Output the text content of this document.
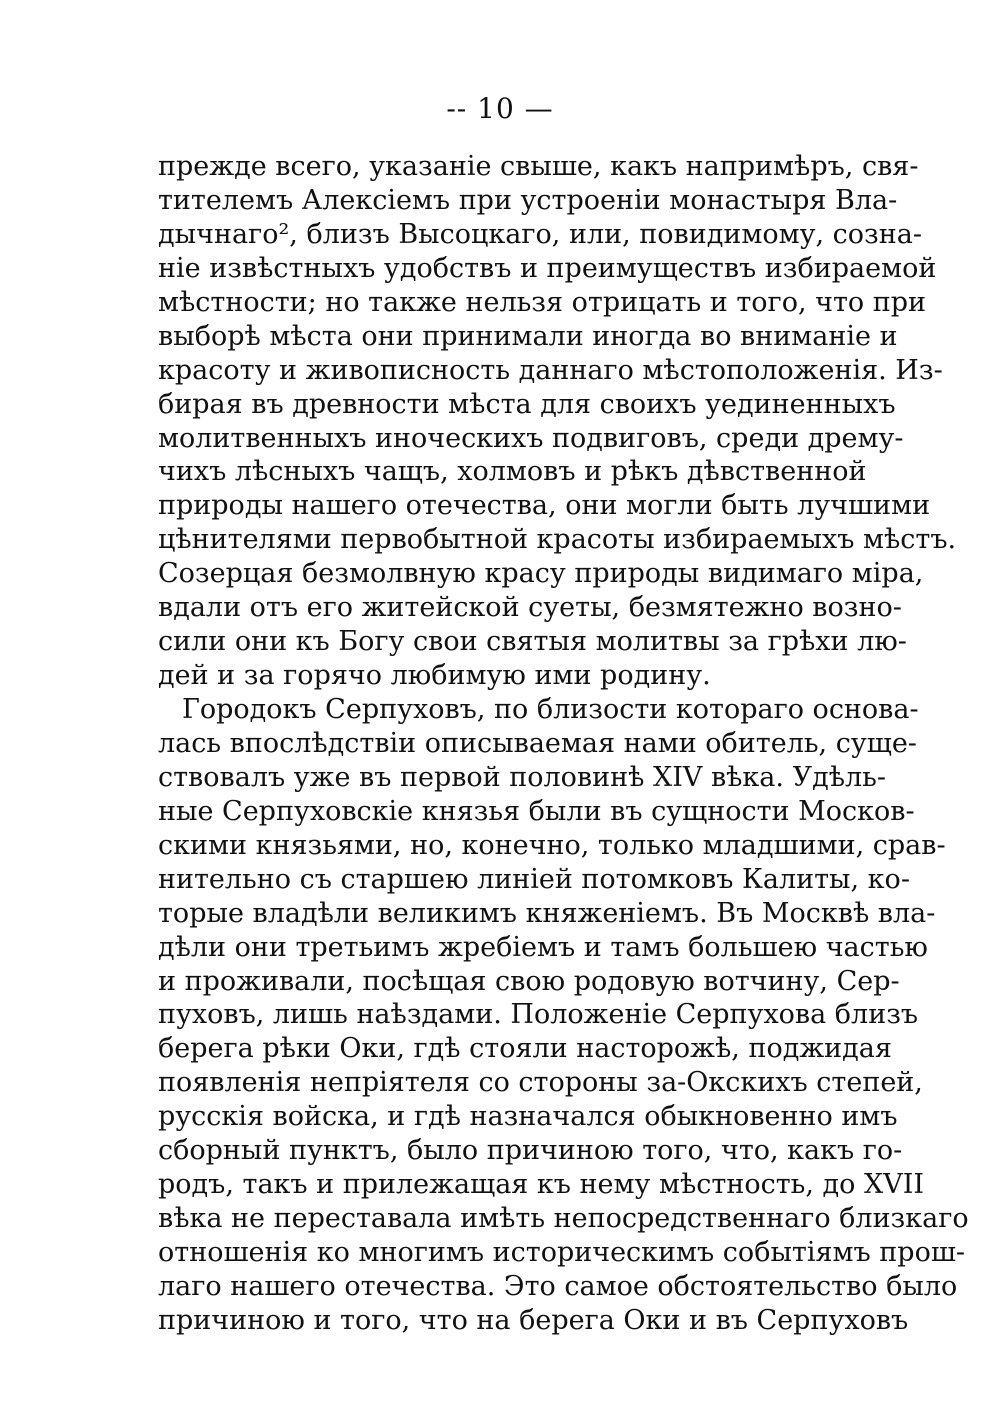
-- 10 —
прежде всего, указаніе свыше, какъ напримѣръ, свя-
тителемъ Алексіемъ при устроеніи монастыря Вла-
дычнаго², близъ Высоцкаго, или, повидимому, созна-
ніе извѣстныхъ удобствъ и преимуществъ избираемой
мѣстности; но также нельзя отрицать и того, что при
выборѣ мѣста они принимали иногда во вниманіе и
красоту и живописность даннаго мѣстоположенія. Из-
бирая въ древности мѣста для своихъ уединенныхъ
молитвенныхъ иноческихъ подвиговъ, среди дрему-
чихъ лѣсныхъ чащъ, холмовъ и рѣкъ дѣвственной
природы нашего отечества, они могли быть лучшими
цѣнителями первобытной красоты избираемыхъ мѣстъ.
Созерцая безмолвную красу природы видимаго міра,
вдали отъ его житейской суеты, безмятежно возно-
сили они къ Богу свои святыя молитвы за грѣхи лю-
дей и за горячо любимую ими родину.
Городокъ Серпуховъ, по близости котораго основа-
лась впослѣдствіи описываемая нами обитель, суще-
ствовалъ уже въ первой половинѣ XIV вѣка. Удѣль-
ные Серпуховскіе князья были въ сущности Москов-
скими князьями, но, конечно, только младшими, срав-
нительно съ старшею линіей потомковъ Калиты, ко-
торые владѣли великимъ княженіемъ. Въ Москвѣ вла-
дѣли они третьимъ жребіемъ и тамъ большею частью
и проживали, посѣщая свою родовую вотчину, Сер-
пуховъ, лишь наѣздами. Положеніе Серпухова близъ
берега рѣки Оки, гдѣ стояли насторожѣ, поджидая
появленія непріятеля со стороны за-Окскихъ степей,
русскія войска, и гдѣ назначался обыкновенно имъ
сборный пунктъ, было причиною того, что, какъ го-
родъ, такъ и прилежащая къ нему мѣстность, до XVII
вѣка не переставала имѣть непосредственнаго близкаго
отношенія ко многимъ историческимъ событіямъ прош-
лаго нашего отечества. Это самое обстоятельство было
причиною и того, что на берега Оки и въ Серпуховъ
